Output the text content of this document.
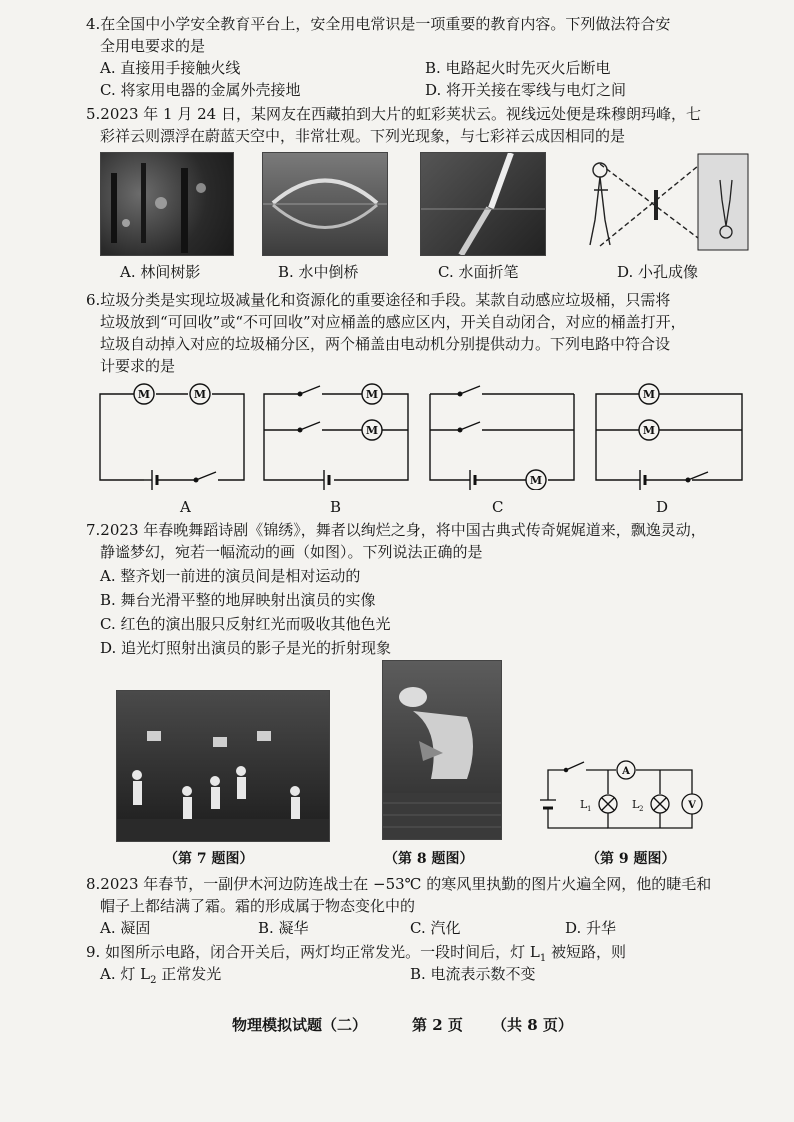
4.在全国中小学安全教育平台上，安全用电常识是一项重要的教育内容。下列做法符合安
全用电要求的是
A. 直接用手接触火线	B. 电路起火时先灭火后断电
C. 将家用电器的金属外壳接地	D. 将开关接在零线与电灯之间
5.2023 年 1 月 24 日，某网友在西藏拍到大片的虹彩荚状云。视线远处便是珠穆朗玛峰，七
彩祥云则漂浮在蔚蓝天空中，非常壮观。下列光现象，与七彩祥云成因相同的是
A. 林间树影	B. 水中倒桥	C. 水面折笔	D. 小孔成像
6.垃圾分类是实现垃圾减量化和资源化的重要途径和手段。某款自动感应垃圾桶，只需将
垃圾放到“可回收”或“不可回收”对应桶盖的感应区内，开关自动闭合，对应的桶盖打开，
垃圾自动掉入对应的垃圾桶分区，两个桶盖由电动机分别提供动力。下列电路中符合设
计要求的是
M	M	M
M
M
M
M
A	B	C	D
7.2023 年春晚舞蹈诗剧《锦绣》，舞者以绚烂之身，将中国古典式传奇娓娓道来，飘逸灵动，
静谧梦幻，宛若一幅流动的画（如图）。下列说法正确的是
A. 整齐划一前进的演员间是相对运动的
B. 舞台光滑平整的地屏映射出演员的实像
C. 红色的演出服只反射红光而吸收其他色光
D. 追光灯照射出演员的影子是光的折射现象
A
V
L 1	L 2
（第 7 题图）	（第 8 题图）	（第 9 题图）
8.2023 年春节，一副伊木河边防连战士在 −53℃ 的寒风里执勤的图片火遍全网，他的睫毛和
帽子上都结满了霜。霜的形成属于物态变化中的
A. 凝固	B. 凝华	C. 汽化	D. 升华
9. 如图所示电路，闭合开关后，两灯均正常发光。一段时间后，灯 $L_1$ 被短路，则
A. 灯 $L_2$ 正常发光	B. 电流表示数不变
物理模拟试题（二）	第 2 页 （共 8 页）
